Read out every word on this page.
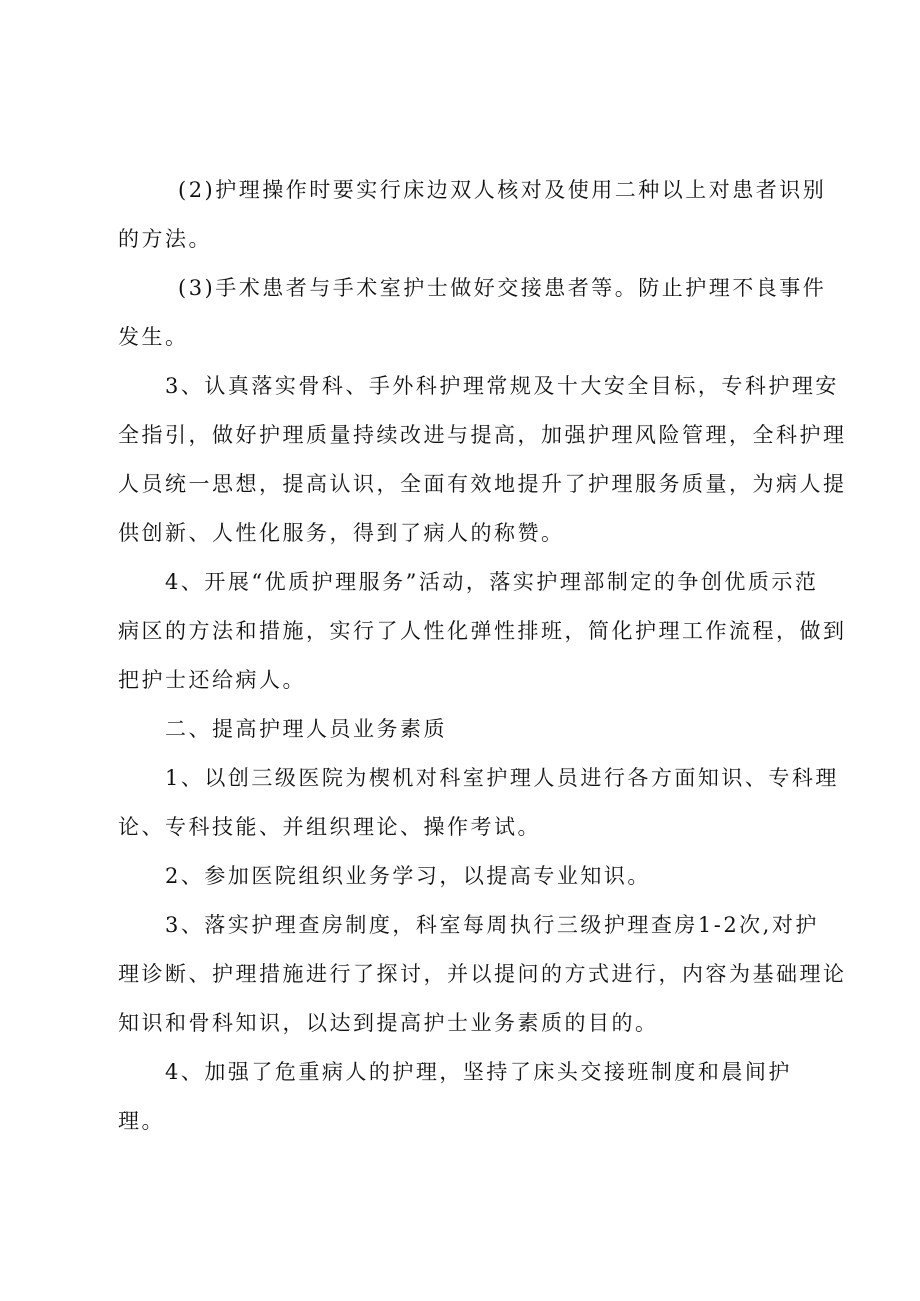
(2)护理操作时要实行床边双人核对及使用二种以上对患者识别

的方法。

(3)手术患者与手术室护士做好交接患者等。防止护理不良事件

发生。

3、认真落实骨科、手外科护理常规及十大安全目标，专科护理安

全指引，做好护理质量持续改进与提高，加强护理风险管理，全科护理

人员统一思想，提高认识，全面有效地提升了护理服务质量，为病人提

供创新、人性化服务，得到了病人的称赞。

4、开展“优质护理服务”活动，落实护理部制定的争创优质示范

病区的方法和措施，实行了人性化弹性排班，简化护理工作流程，做到

把护士还给病人。

二、提高护理人员业务素质

1、以创三级医院为楔机对科室护理人员进行各方面知识、专科理

论、专科技能、并组织理论、操作考试。

2、参加医院组织业务学习，以提高专业知识。

3、落实护理查房制度，科室每周执行三级护理查房1-2次,对护

理诊断、护理措施进行了探讨，并以提问的方式进行，内容为基础理论

知识和骨科知识，以达到提高护士业务素质的目的。

4、加强了危重病人的护理，坚持了床头交接班制度和晨间护

理。
